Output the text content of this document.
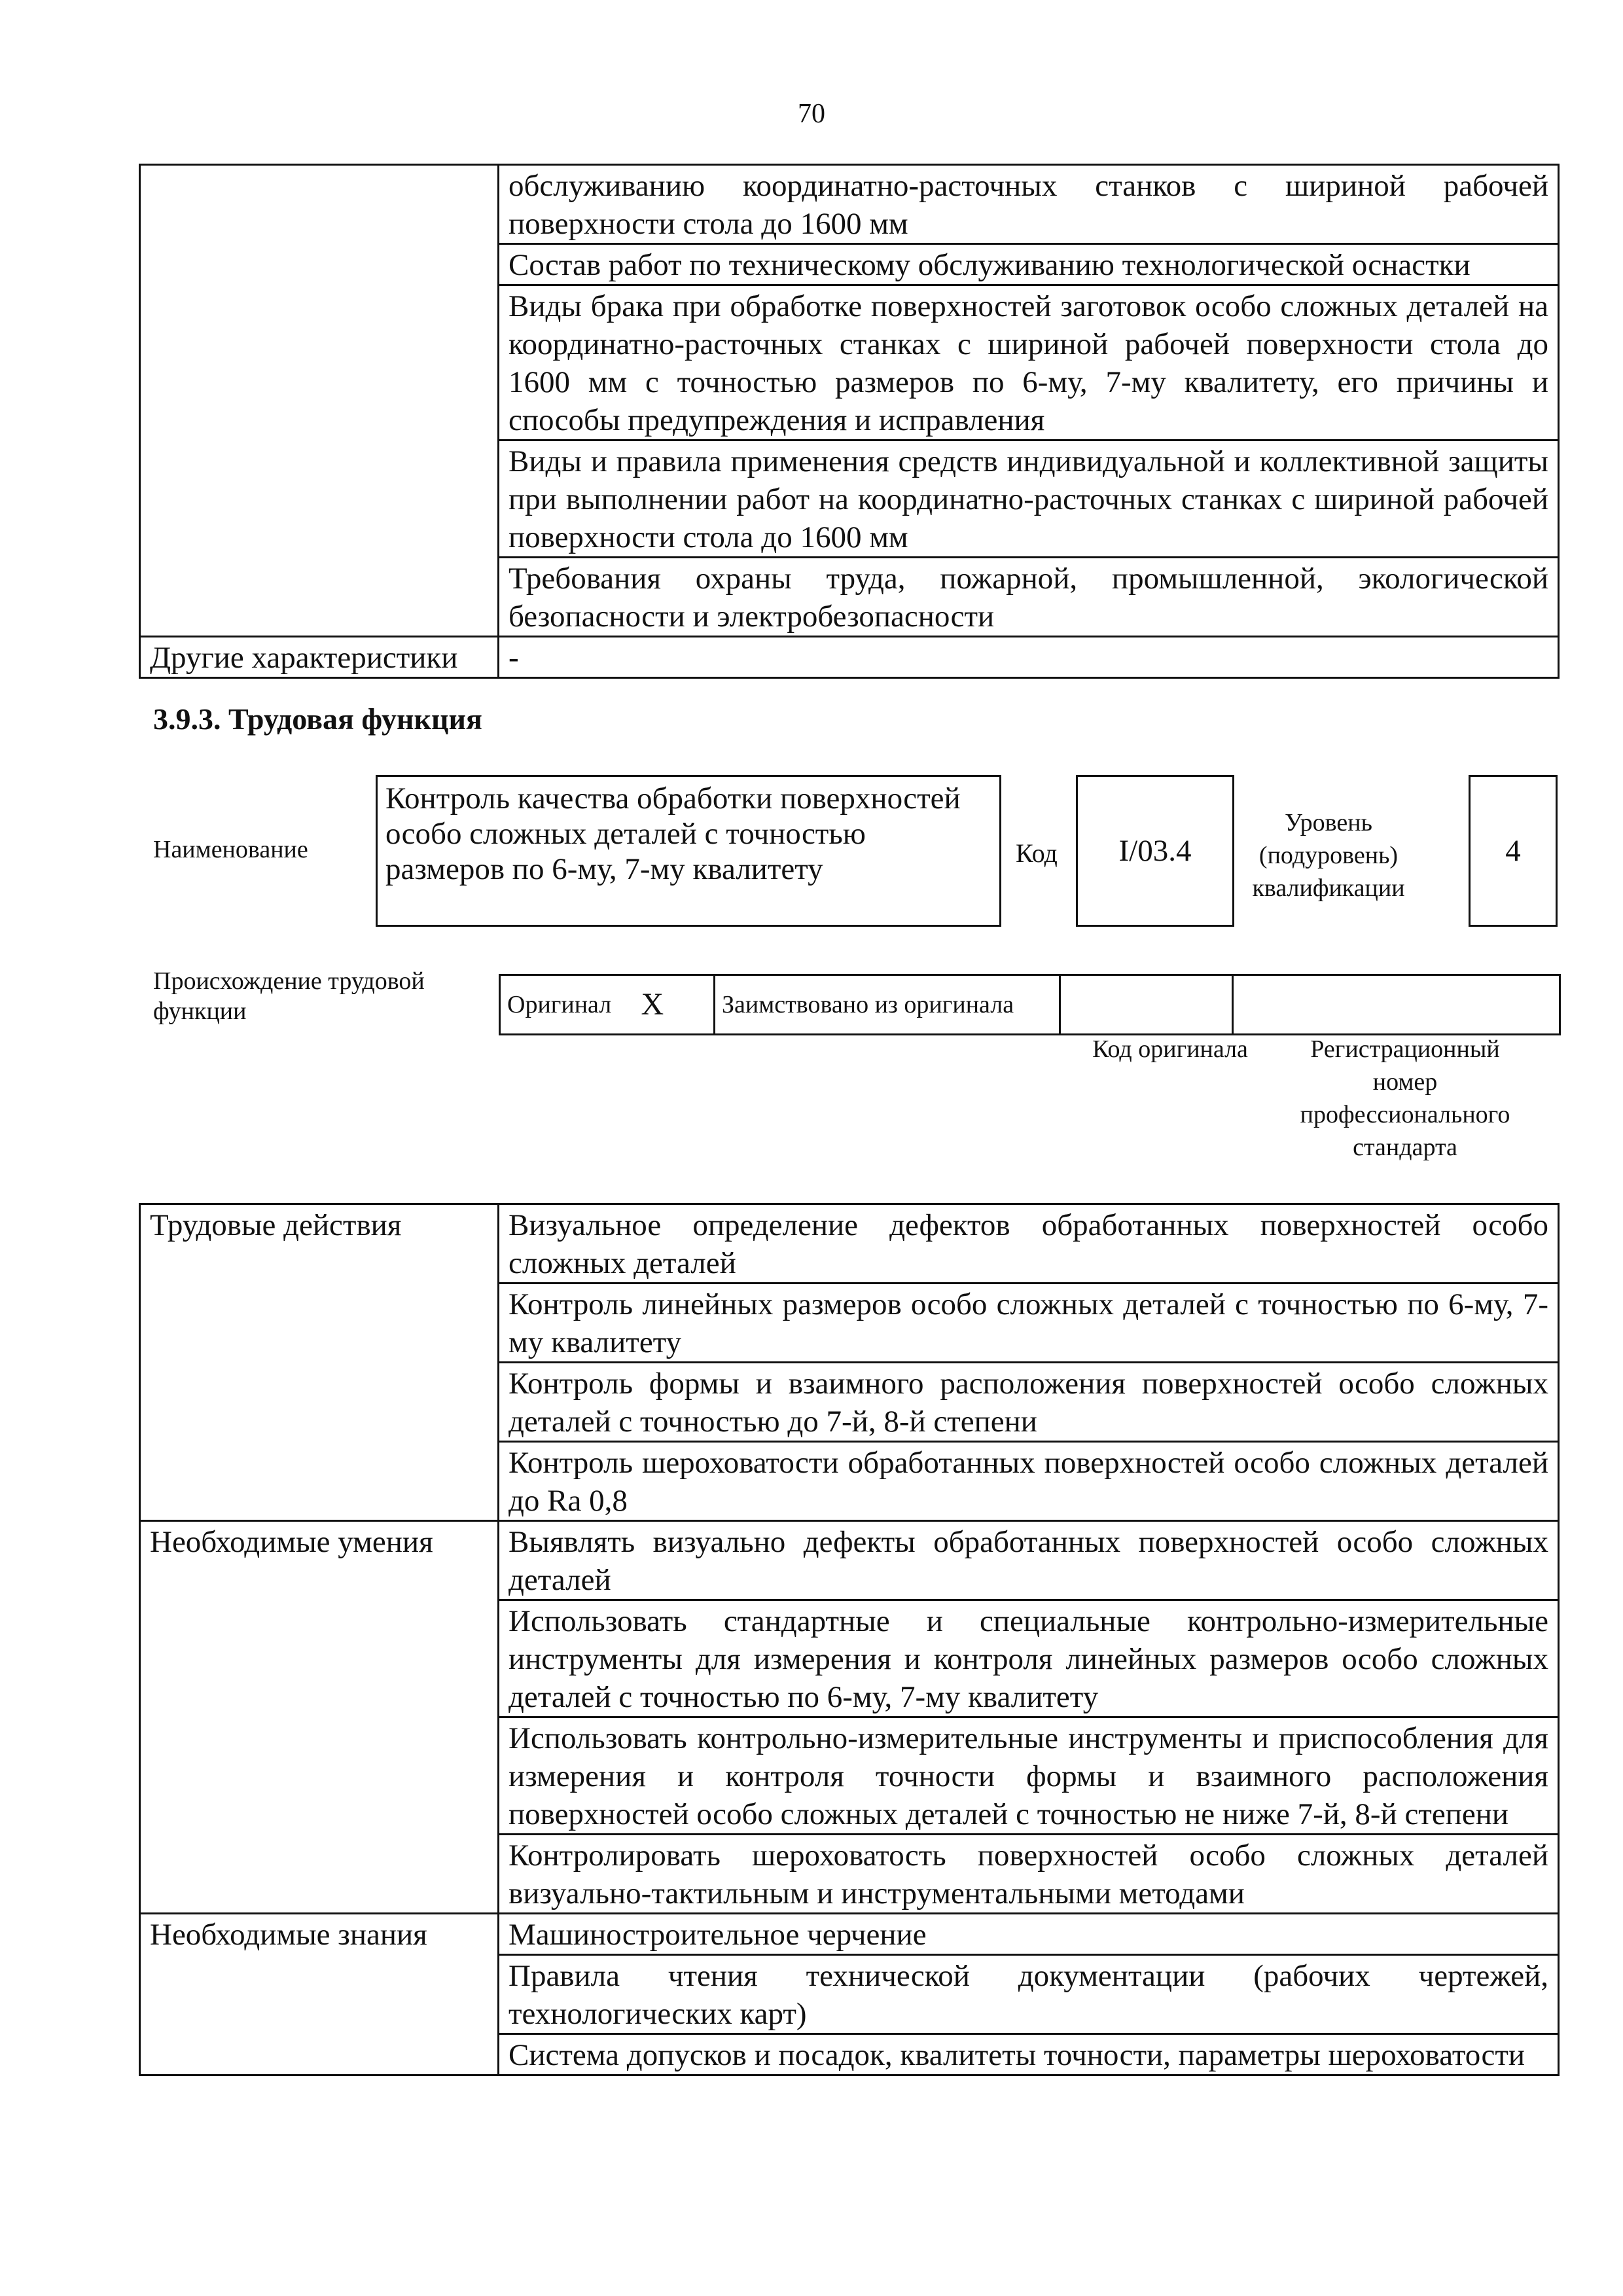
70
	обслуживанию координатно-расточных станков с шириной рабочей поверхности стола до 1600 мм
	Состав работ по техническому обслуживанию технологической оснастки
	Виды брака при обработке поверхностей заготовок особо сложных деталей на координатно-расточных станках с шириной рабочей поверхности стола до 1600 мм с точностью размеров по 6-му, 7-му квалитету, его причины и способы предупреждения и исправления
	Виды и правила применения средств индивидуальной и коллективной защиты при выполнении работ на координатно-расточных станках с шириной рабочей поверхности стола до 1600 мм
	Требования охраны труда, пожарной, промышленной, экологической безопасности и электробезопасности
Другие характеристики	-
3.9.3. Трудовая функция
Наименование
Контроль качества обработки поверхностей особо сложных деталей с точностью размеров по 6-му, 7-му квалитету	Код I/03.4
Уровень (подуровень) квалификации
4
Происхождение трудовой функции	Оригинал	X	Заимствовано из оригинала		
Код оригинала	Регистрационный номер профессионального стандарта
Трудовые действия	Визуальное определение дефектов обработанных поверхностей особо сложных деталей
	Контроль линейных размеров особо сложных деталей с точностью по 6-му, 7-му квалитету
	Контроль формы и взаимного расположения поверхностей особо сложных деталей с точностью до 7-й, 8-й степени
	Контроль шероховатости обработанных поверхностей особо сложных деталей до Ra 0,8
Необходимые умения	Выявлять визуально дефекты обработанных поверхностей особо сложных деталей
	Использовать стандартные и специальные контрольно-измерительные инструменты для измерения и контроля линейных размеров особо сложных деталей с точностью по 6-му, 7-му квалитету
	Использовать контрольно-измерительные инструменты и приспособления для измерения и контроля точности формы и взаимного расположения поверхностей особо сложных деталей с точностью не ниже 7-й, 8-й степени
	Контролировать шероховатость поверхностей особо сложных деталей визуально-тактильным и инструментальными методами
Необходимые знания	Машиностроительное черчение
	Правила чтения технической документации (рабочих чертежей, технологических карт)
	Система допусков и посадок, квалитеты точности, параметры шероховатости
